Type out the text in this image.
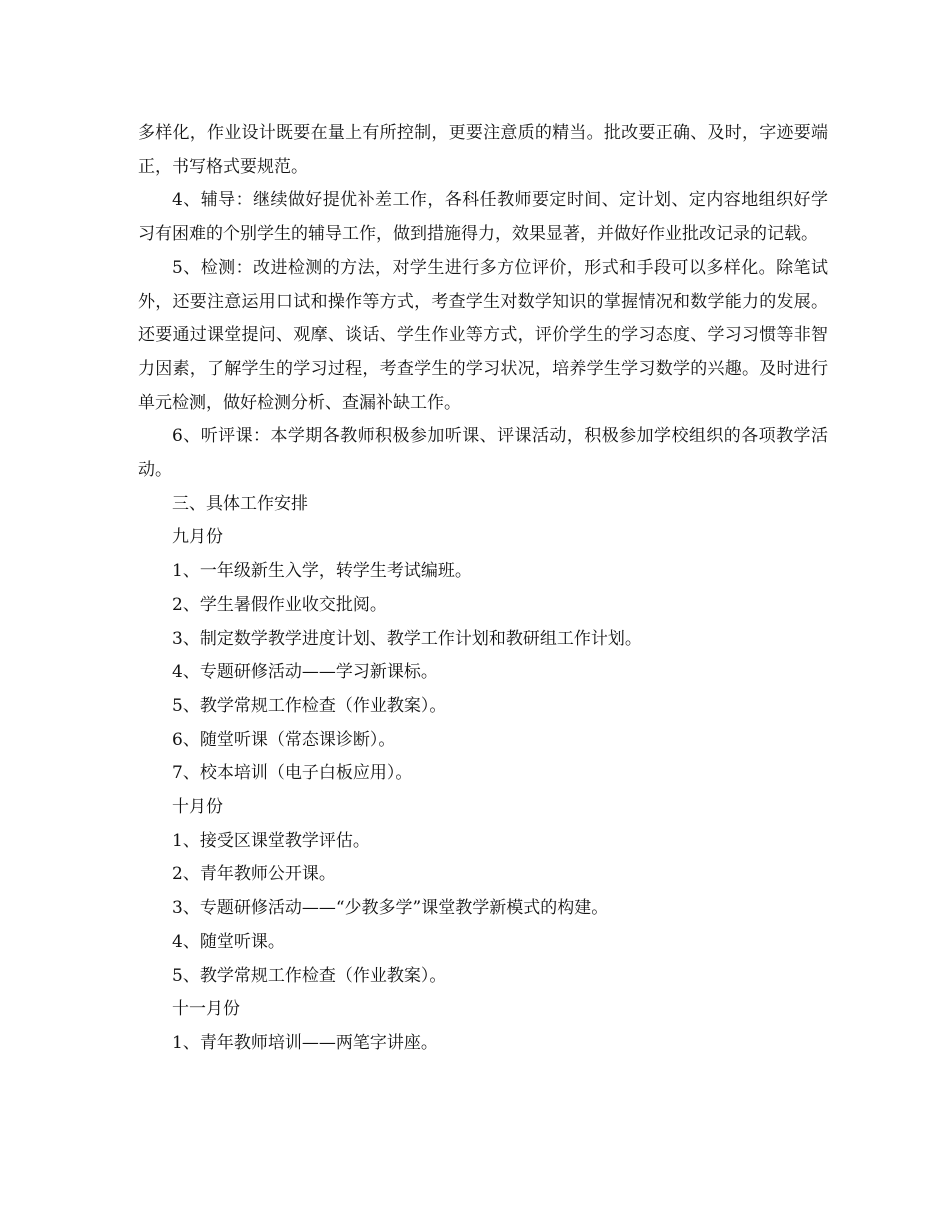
多样化，作业设计既要在量上有所控制，更要注意质的精当。批改要正确、及时，字迹要端正，书写格式要规范。

4、辅导：继续做好提优补差工作，各科任教师要定时间、定计划、定内容地组织好学习有困难的个别学生的辅导工作，做到措施得力，效果显著，并做好作业批改记录的记载。

5、检测：改进检测的方法，对学生进行多方位评价，形式和手段可以多样化。除笔试外，还要注意运用口试和操作等方式，考查学生对数学知识的掌握情况和数学能力的发展。还要通过课堂提问、观摩、谈话、学生作业等方式，评价学生的学习态度、学习习惯等非智力因素，了解学生的学习过程，考查学生的学习状况，培养学生学习数学的兴趣。及时进行单元检测，做好检测分析、查漏补缺工作。

6、听评课：本学期各教师积极参加听课、评课活动，积极参加学校组织的各项教学活动。

三、具体工作安排

九月份

1、一年级新生入学，转学生考试编班。

2、学生暑假作业收交批阅。

3、制定数学教学进度计划、教学工作计划和教研组工作计划。

4、专题研修活动——学习新课标。

5、教学常规工作检查（作业教案）。

6、随堂听课（常态课诊断）。

7、校本培训（电子白板应用）。

十月份

1、接受区课堂教学评估。

2、青年教师公开课。

3、专题研修活动——“少教多学”课堂教学新模式的构建。

4、随堂听课。

5、教学常规工作检查（作业教案）。

十一月份

1、青年教师培训——两笔字讲座。
